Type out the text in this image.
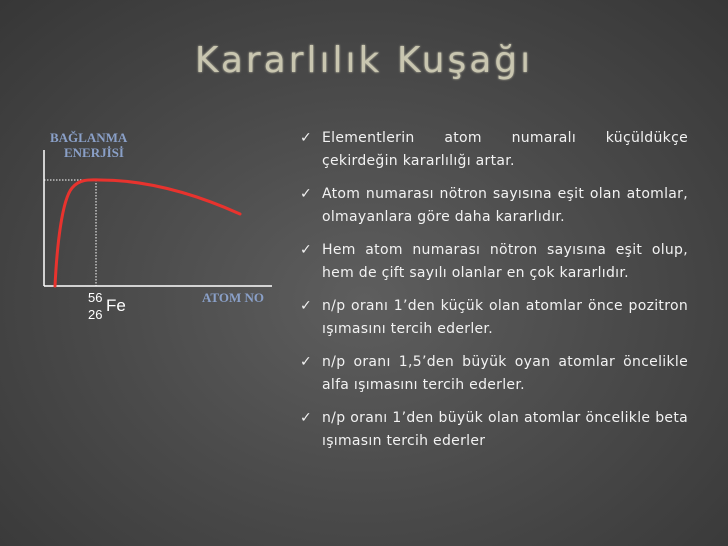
Kararlılık Kuşağı
BAĞLANMA
ENERJİSİ
ATOM NO
56
26 Fe
✓ Elementlerin atom numaralı küçüldükçe çekirdeğin kararlılığı artar.
✓ Atom numarası nötron sayısına eşit olan atomlar, olmayanlara göre daha kararlıdır.
✓ Hem atom numarası nötron sayısına eşit olup, hem de çift sayılı olanlar en çok kararlıdır.
✓ n/p oranı 1’den küçük olan atomlar önce pozitron ışımasını tercih ederler.
✓ n/p oranı 1,5’den büyük oyan atomlar öncelikle alfa ışımasını tercih ederler.
✓ n/p oranı 1’den büyük olan atomlar öncelikle beta ışımasın tercih ederler
